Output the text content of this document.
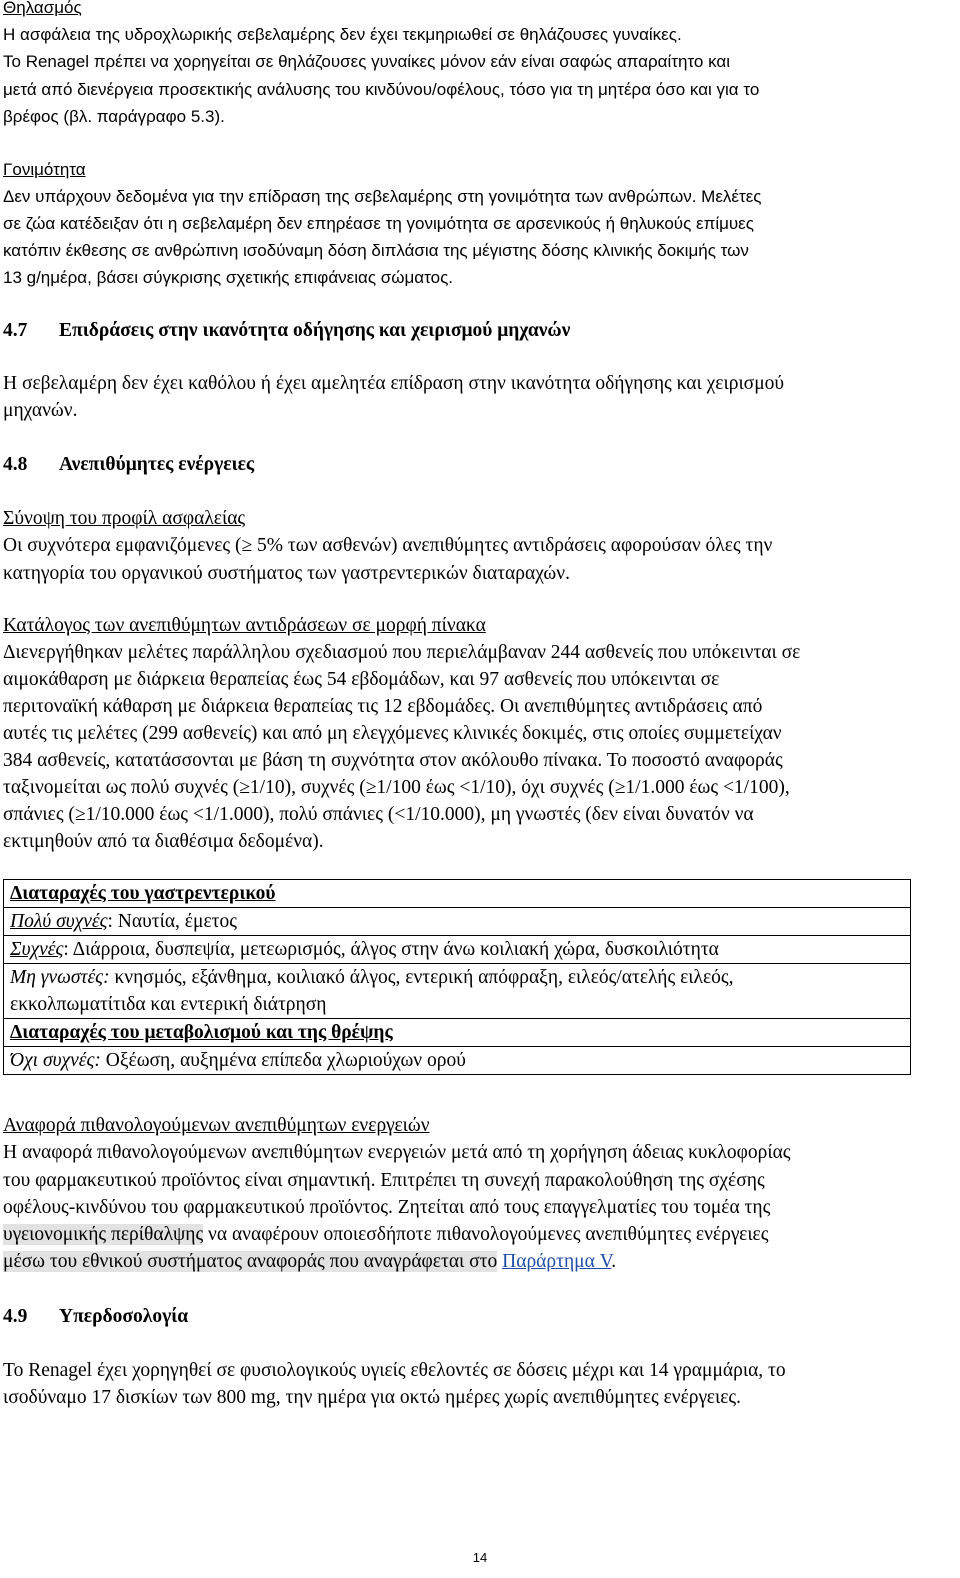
Θηλασμός

Η ασφάλεια της υδροχλωρικής σεβελαμέρης δεν έχει τεκμηριωθεί σε θηλάζουσες γυναίκες.

Το Renagel πρέπει να χορηγείται σε θηλάζουσες γυναίκες μόνον εάν είναι σαφώς απαραίτητο και

μετά από διενέργεια προσεκτικής ανάλυσης του κινδύνου/οφέλους, τόσο για τη μητέρα όσο και για το

βρέφος (βλ. παράγραφο 5.3).

Γονιμότητα

Δεν υπάρχουν δεδομένα για την επίδραση της σεβελαμέρης στη γονιμότητα των ανθρώπων. Μελέτες

σε ζώα κατέδειξαν ότι η σεβελαμέρη δεν επηρέασε τη γονιμότητα σε αρσενικούς ή θηλυκούς επίμυες

κατόπιν έκθεσης σε ανθρώπινη ισοδύναμη δόση διπλάσια της μέγιστης δόσης κλινικής δοκιμής των

13 g/ημέρα, βάσει σύγκρισης σχετικής επιφάνειας σώματος.

4.7 Επιδράσεις στην ικανότητα οδήγησης και χειρισμού μηχανών

Η σεβελαμέρη δεν έχει καθόλου ή έχει αμελητέα επίδραση στην ικανότητα οδήγησης και χειρισμού

μηχανών.

4.8 Ανεπιθύμητες ενέργειες

Σύνοψη του προφίλ ασφαλείας

Οι συχνότερα εμφανιζόμενες (≥ 5% των ασθενών) ανεπιθύμητες αντιδράσεις αφορούσαν όλες την

κατηγορία του οργανικού συστήματος των γαστρεντερικών διαταραχών.

Κατάλογος των ανεπιθύμητων αντιδράσεων σε μορφή πίνακα

Διενεργήθηκαν μελέτες παράλληλου σχεδιασμού που περιελάμβαναν 244 ασθενείς που υπόκεινται σε

αιμοκάθαρση με διάρκεια θεραπείας έως 54 εβδομάδων, και 97 ασθενείς που υπόκεινται σε

περιτοναϊκή κάθαρση με διάρκεια θεραπείας τις 12 εβδομάδες. Οι ανεπιθύμητες αντιδράσεις από

αυτές τις μελέτες (299 ασθενείς) και από μη ελεγχόμενες κλινικές δοκιμές, στις οποίες συμμετείχαν

384 ασθενείς, κατατάσσονται με βάση τη συχνότητα στον ακόλουθο πίνακα. Το ποσοστό αναφοράς

ταξινομείται ως πολύ συχνές (≥1/10), συχνές (≥1/100 έως <1/10), όχι συχνές (≥1/1.000 έως <1/100),

σπάνιες (≥1/10.000 έως <1/1.000), πολύ σπάνιες (<1/10.000), μη γνωστές (δεν είναι δυνατόν να

εκτιμηθούν από τα διαθέσιμα δεδομένα).

Διαταραχές του γαστρεντερικού
Πολύ συχνές: Ναυτία, έμετος
Συχνές: Διάρροια, δυσπεψία, μετεωρισμός, άλγος στην άνω κοιλιακή χώρα, δυσκοιλιότητα
Μη γνωστές: κνησμός, εξάνθημα, κοιλιακό άλγος, εντερική απόφραξη, ειλεός/ατελής ειλεός,
εκκολπωματίτιδα και εντερική διάτρηση
Διαταραχές του μεταβολισμού και της θρέψης
Όχι συχνές: Οξέωση, αυξημένα επίπεδα χλωριούχων ορού

Αναφορά πιθανολογούμενων ανεπιθύμητων ενεργειών

Η αναφορά πιθανολογούμενων ανεπιθύμητων ενεργειών μετά από τη χορήγηση άδειας κυκλοφορίας

του φαρμακευτικού προϊόντος είναι σημαντική. Επιτρέπει τη συνεχή παρακολούθηση της σχέσης

οφέλους-κινδύνου του φαρμακευτικού προϊόντος. Ζητείται από τους επαγγελματίες του τομέα της

υγειονομικής περίθαλψης να αναφέρουν οποιεσδήποτε πιθανολογούμενες ανεπιθύμητες ενέργειες

μέσω του εθνικού συστήματος αναφοράς που αναγράφεται στο Παράρτημα V.

4.9 Υπερδοσολογία

Το Renagel έχει χορηγηθεί σε φυσιολογικούς υγιείς εθελοντές σε δόσεις μέχρι και 14 γραμμάρια, το

ισοδύναμο 17 δισκίων των 800 mg, την ημέρα για οκτώ ημέρες χωρίς ανεπιθύμητες ενέργειες.

14
